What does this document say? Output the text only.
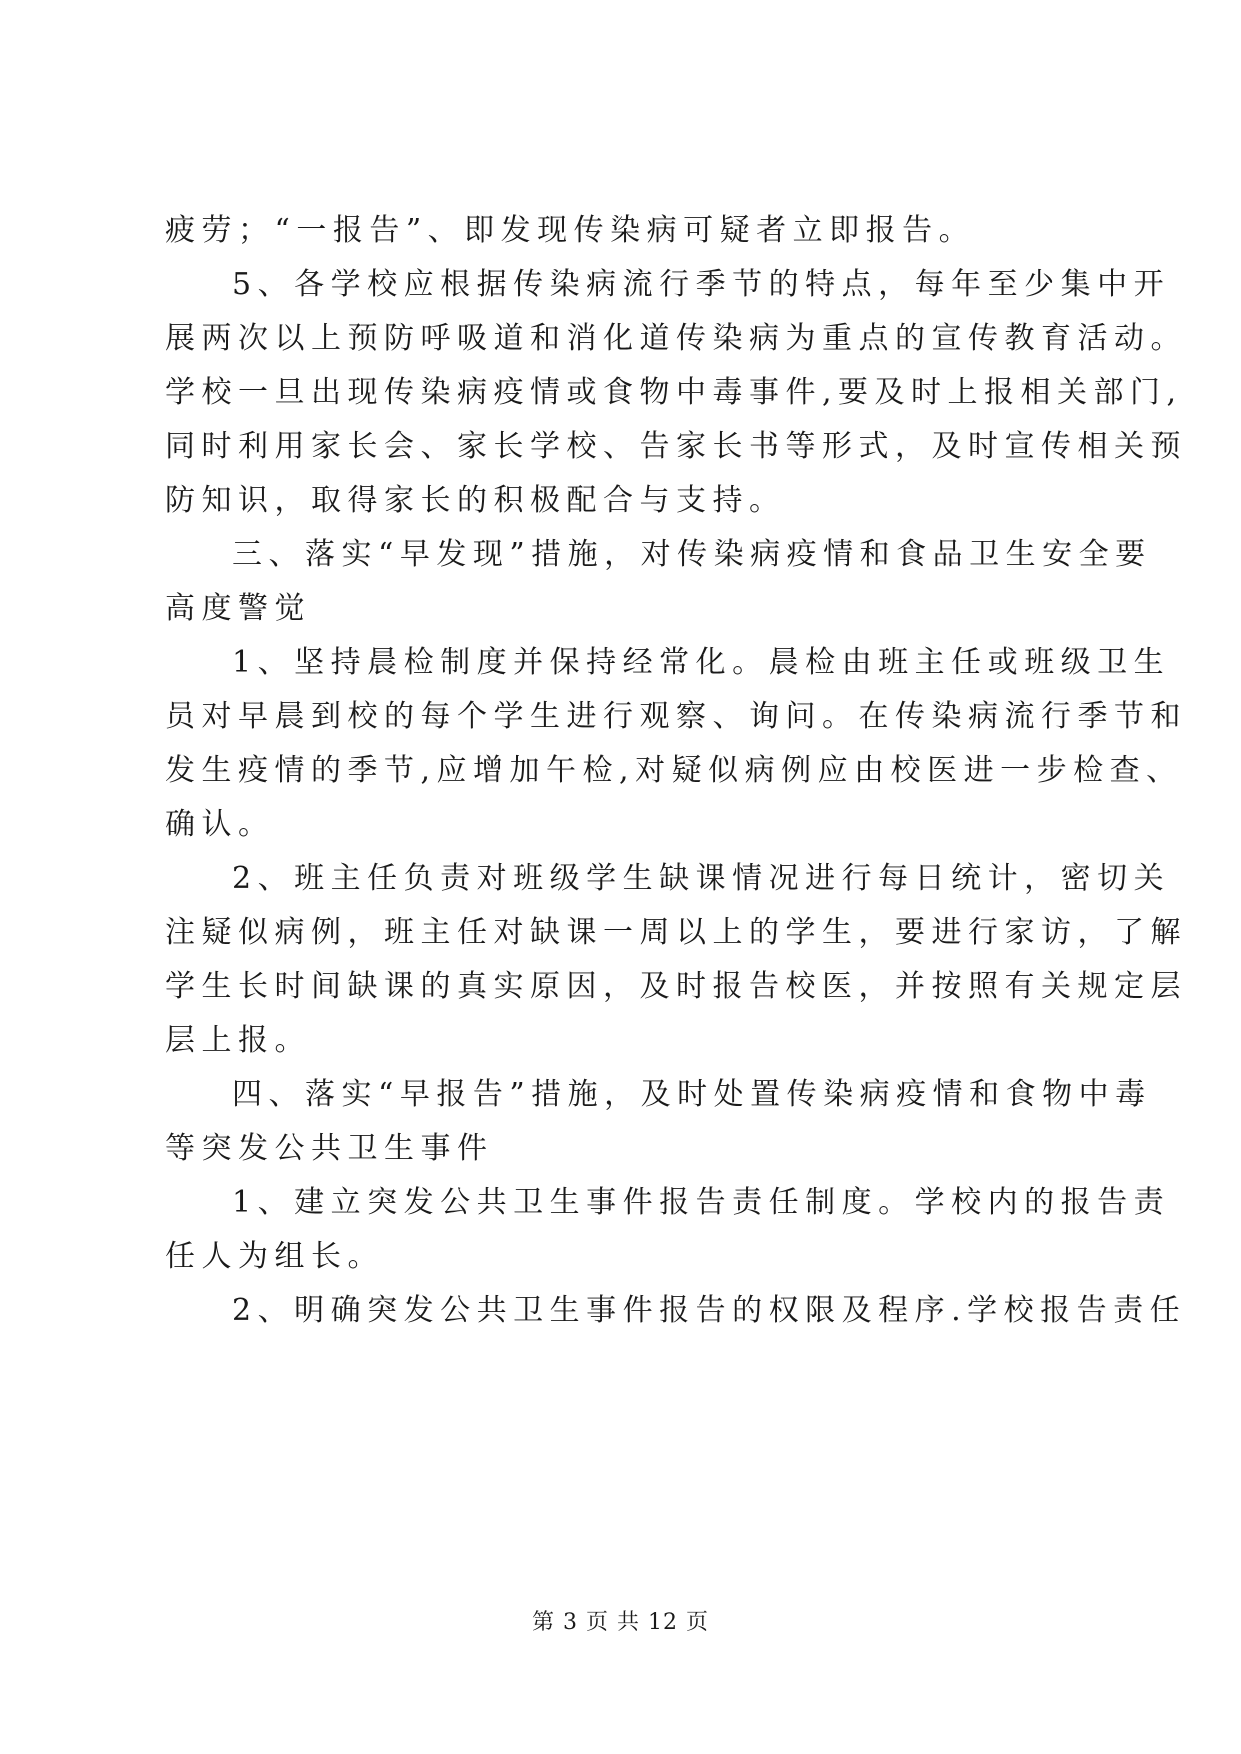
疲劳；“一报告”、即发现传染病可疑者立即报告。
5、各学校应根据传染病流行季节的特点，每年至少集中开
展两次以上预防呼吸道和消化道传染病为重点的宣传教育活动。
学校一旦出现传染病疫情或食物中毒事件,要及时上报相关部门,
同时利用家长会、家长学校、告家长书等形式，及时宣传相关预
防知识，取得家长的积极配合与支持。
三、落实“早发现”措施，对传染病疫情和食品卫生安全要
高度警觉
1、坚持晨检制度并保持经常化。晨检由班主任或班级卫生
员对早晨到校的每个学生进行观察、询问。在传染病流行季节和
发生疫情的季节,应增加午检,对疑似病例应由校医进一步检查、
确认。
2、班主任负责对班级学生缺课情况进行每日统计，密切关
注疑似病例，班主任对缺课一周以上的学生，要进行家访，了解
学生长时间缺课的真实原因，及时报告校医，并按照有关规定层
层上报。
四、落实“早报告”措施，及时处置传染病疫情和食物中毒
等突发公共卫生事件
1、建立突发公共卫生事件报告责任制度。学校内的报告责
任人为组长。
2、明确突发公共卫生事件报告的权限及程序.学校报告责任
第 3 页 共 12 页
